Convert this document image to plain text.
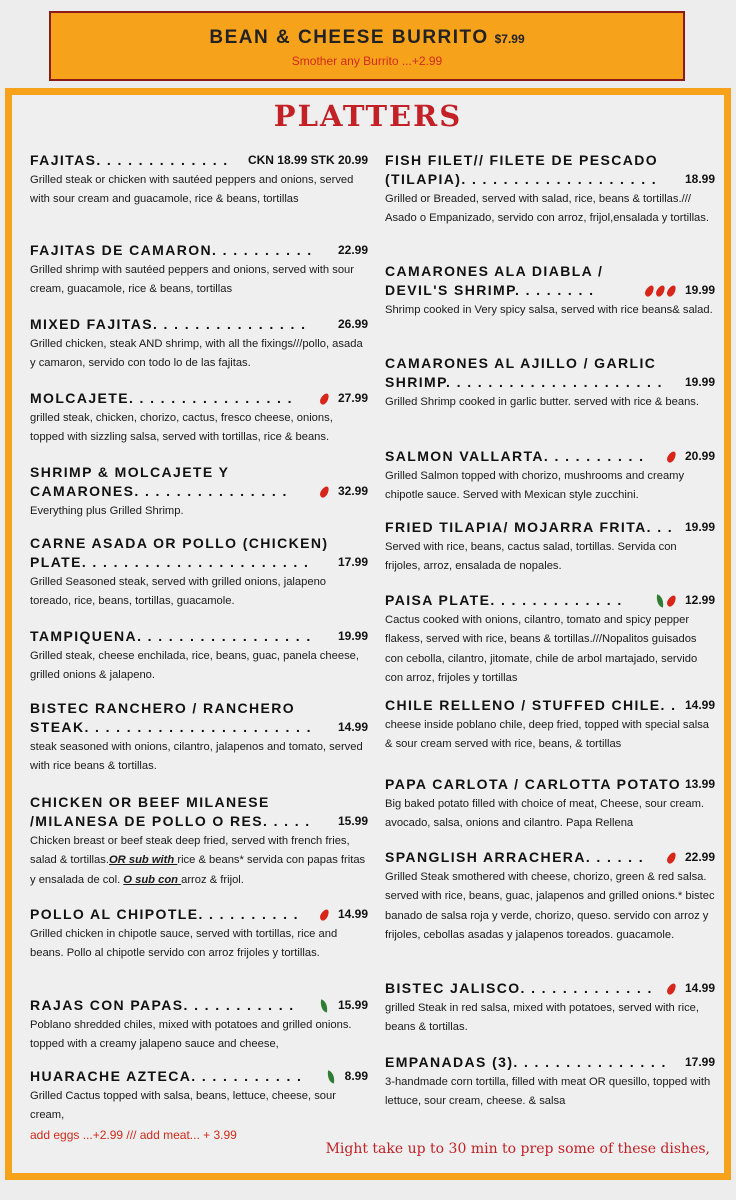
BEAN & CHEESE BURRITO $7.99
Smother any Burrito ...+2.99
PLATTERS
FAJITAS. . . . . . . . . . . . . CKN 18.99 STK 20.99
Grilled steak or chicken with sautéed peppers and onions, served with sour cream and guacamole, rice & beans, tortillas
FAJITAS DE CAMARON. . . . . . . . . . 22.99
Grilled shrimp with sautéed peppers and onions, served with sour cream, guacamole, rice & beans, tortillas
MIXED FAJITAS. . . . . . . . . . . . . . .	26.99
Grilled chicken, steak AND shrimp, with all the fixings///pollo, asada y camaron, servido con todo lo de las fajitas.
MOLCAJETE. . . . . . . . . . . . . . . .	27.99
grilled steak, chicken, chorizo, cactus, fresco cheese, onions, topped with sizzling salsa, served with tortillas, rice & beans.
SHRIMP & MOLCAJETE Y
CAMARONES. . . . . . . . . . . . . . .	32.99
Everything plus Grilled Shrimp.
CARNE ASADA OR POLLO (CHICKEN)
PLATE. . . . . . . . . . . . . . . . . . . . . . 17.99
Grilled Seasoned steak, served with grilled onions, jalapeno toreado, rice, beans, tortillas, guacamole.
TAMPIQUENA. . . . . . . . . . . . . . . . . 19.99
Grilled steak, cheese enchilada, rice, beans, guac, panela cheese, grilled onions & jalapeno.
BISTEC RANCHERO / RANCHERO
STEAK. . . . . . . . . . . . . . . . . . . . . . 14.99
steak seasoned with onions, cilantro, jalapenos and tomato, served with rice beans & tortillas.
CHICKEN OR BEEF MILANESE
/MILANESA DE POLLO O RES. . . . . 15.99
Chicken breast or beef steak deep fried, served with french fries, salad & tortillas.OR sub with rice & beans* servida con papas fritas y ensalada de col. O sub con arroz & frijol.
POLLO AL CHIPOTLE. . . . . . . . . .	14.99
Grilled chicken in chipotle sauce, served with tortillas, rice and beans. Pollo al chipotle servido con arroz frijoles y tortillas.
RAJAS CON PAPAS. . . . . . . . . . .	15.99
Poblano shredded chiles, mixed with potatoes and grilled onions. topped with a creamy jalapeno sauce and cheese,
HUARACHE AZTECA. . . . . . . . . . .	8.99
Grilled Cactus topped with salsa, beans, lettuce, cheese, sour cream,
add eggs ...+2.99 /// add meat... + 3.99
FISH FILET// FILETE DE PESCADO
(TILAPIA). . . . . . . . . . . . . . . . . . . 18.99
Grilled or Breaded, served with salad, rice, beans & tortillas./// Asado o Empanizado, servido con arroz, frijol,ensalada y tortillas.
CAMARONES ALA DIABLA /
DEVIL'S SHRIMP. . . . . . . .	19.99
Shrimp cooked in Very spicy salsa, served with rice beans& salad.
CAMARONES AL AJILLO / GARLIC
SHRIMP. . . . . . . . . . . . . . . . . . . . . 19.99
Grilled Shrimp cooked in garlic butter. served with rice & beans.
SALMON VALLARTA. . . . . . . . . .	20.99
Grilled Salmon topped with chorizo, mushrooms and creamy chipotle sauce. Served with Mexican style zucchini.
FRIED TILAPIA/ MOJARRA FRITA. . . 19.99
Served with rice, beans, cactus salad, tortillas. Servida con frijoles, arroz, ensalada de nopales.
PAISA PLATE. . . . . . . . . . . . .	12.99
Cactus cooked with onions, cilantro, tomato and spicy pepper flakess, served with rice, beans & tortillas.///Nopalitos guisados con cebolla, cilantro, jitomate, chile de arbol martajado, servido con arroz, frijoles y tortillas
CHILE RELLENO / STUFFED CHILE. . 14.99
cheese inside poblano chile, deep fried, topped with special salsa & sour cream served with rice, beans, & tortillas
PAPA CARLOTA / CARLOTTA POTATO 13.99
Big baked potato filled with choice of meat, Cheese, sour cream. avocado, salsa, onions and cilantro. Papa Rellena
SPANGLISH ARRACHERA. . . . . .	22.99
Grilled Steak smothered with cheese, chorizo, green & red salsa. served with rice, beans, guac, jalapenos and grilled onions.* bistec banado de salsa roja y verde, chorizo, queso. servido con arroz y frijoles, cebollas asadas y jalapenos toreados. guacamole.
BISTEC JALISCO. . . . . . . . . . . . .	14.99
grilled Steak in red salsa, mixed with potatoes, served with rice, beans & tortillas.
EMPANADAS (3). . . . . . . . . . . . . . . 17.99
3-handmade corn tortilla, filled with meat OR quesillo, topped with lettuce, sour cream, cheese. & salsa
Might take up to 30 min to prep some of these dishes,
